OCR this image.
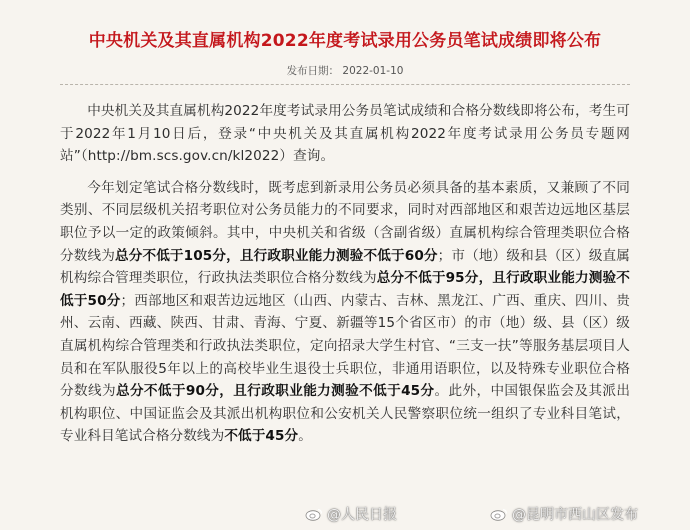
中央机关及其直属机构2022年度考试录用公务员笔试成绩即将公布
发布日期： 2022-01-10

中央机关及其直属机构2022年度考试录用公务员笔试成绩和合格分数线即将公布，考生可于2022年1月10日后，登录“中央机关及其直属机构2022年度考试录用公务员专题网站”（http://bm.scs.gov.cn/kl2022）查询。

今年划定笔试合格分数线时，既考虑到新录用公务员必须具备的基本素质，又兼顾了不同类别、不同层级机关招考职位对公务员能力的不同要求，同时对西部地区和艰苦边远地区基层职位予以一定的政策倾斜。其中，中央机关和省级（含副省级）直属机构综合管理类职位合格分数线为总分不低于105分，且行政职业能力测验不低于60分；市（地）级和县（区）级直属机构综合管理类职位，行政执法类职位合格分数线为总分不低于95分，且行政职业能力测验不低于50分；西部地区和艰苦边远地区（山西、内蒙古、吉林、黑龙江、广西、重庆、四川、贵州、云南、西藏、陕西、甘肃、青海、宁夏、新疆等15个省区市）的市（地）级、县（区）级直属机构综合管理类和行政执法类职位，定向招录大学生村官、“三支一扶”等服务基层项目人员和在军队服役5年以上的高校毕业生退役士兵职位，非通用语职位，以及特殊专业职位合格分数线为总分不低于90分，且行政职业能力测验不低于45分。此外，中国银保监会及其派出机构职位、中国证监会及其派出机构职位和公安机关人民警察职位统一组织了专业科目笔试，专业科目笔试合格分数线为不低于45分。

@人民日报	@昆明市西山区发布
